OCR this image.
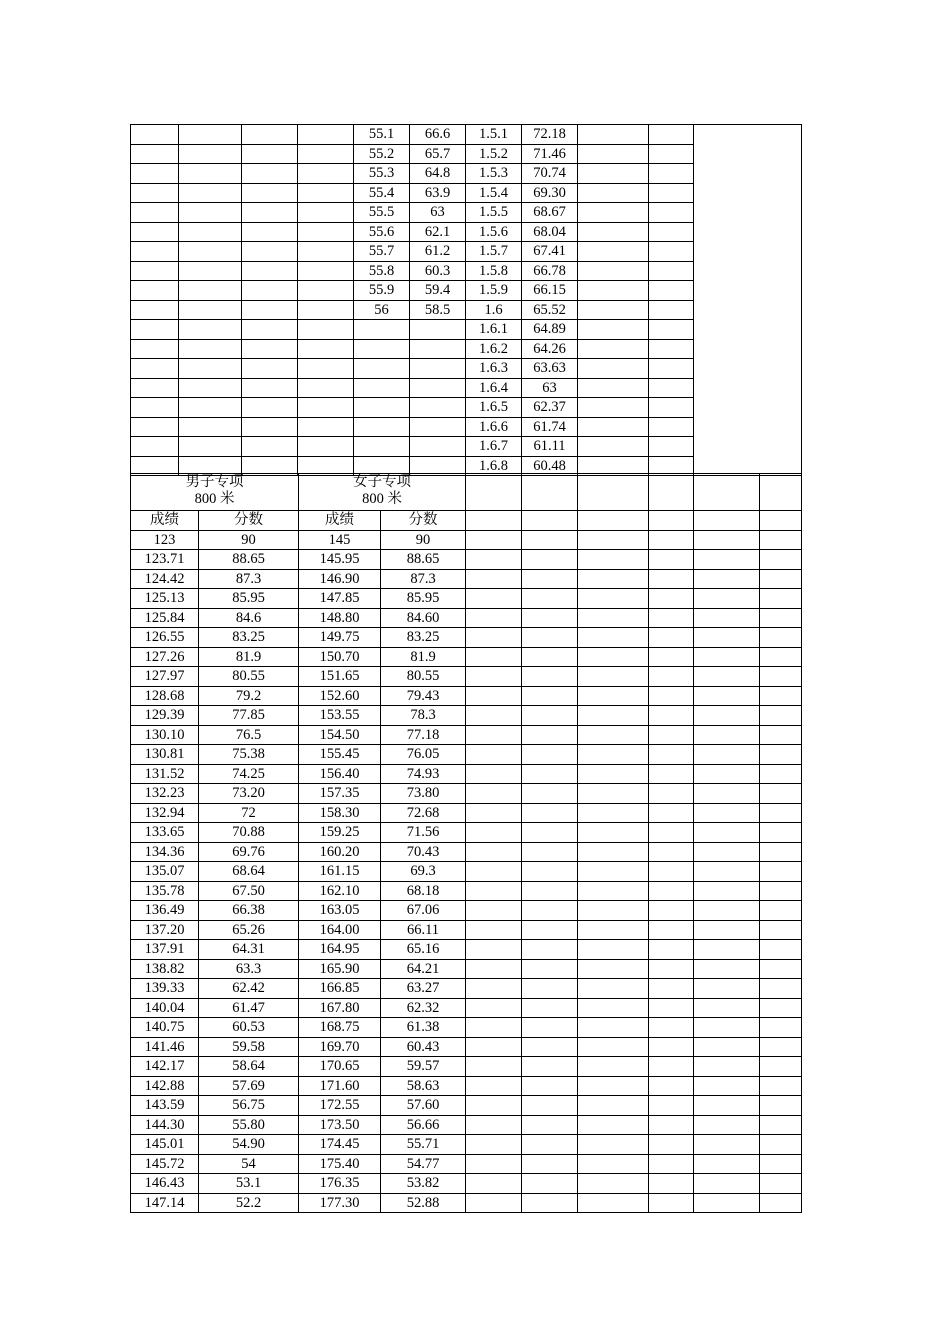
				55.1	66.6	1.5.1	72.18			
				55.2	65.7	1.5.2	71.46			
				55.3	64.8	1.5.3	70.74			
				55.4	63.9	1.5.4	69.30			
				55.5	63	1.5.5	68.67			
				55.6	62.1	1.5.6	68.04			
				55.7	61.2	1.5.7	67.41			
				55.8	60.3	1.5.8	66.78			
				55.9	59.4	1.5.9	66.15			
				56	58.5	1.6	65.52			
						1.6.1	64.89			
						1.6.2	64.26			
						1.6.3	63.63			
						1.6.4	63			
						1.6.5	62.37			
						1.6.6	61.74			
						1.6.7	61.11			
						1.6.8	60.48			
男子专项
800 米		女子专项
800 米							

成绩	分数	成绩	分数						
123	90	145	90						
123.71	88.65	145.95	88.65						
124.42	87.3	146.90	87.3						
125.13	85.95	147.85	85.95						
125.84	84.6	148.80	84.60						
126.55	83.25	149.75	83.25						
127.26	81.9	150.70	81.9						
127.97	80.55	151.65	80.55						
128.68	79.2	152.60	79.43						
129.39	77.85	153.55	78.3						
130.10	76.5	154.50	77.18						
130.81	75.38	155.45	76.05						
131.52	74.25	156.40	74.93						
132.23	73.20	157.35	73.80						
132.94	72	158.30	72.68						
133.65	70.88	159.25	71.56						
134.36	69.76	160.20	70.43						
135.07	68.64	161.15	69.3						
135.78	67.50	162.10	68.18						
136.49	66.38	163.05	67.06						
137.20	65.26	164.00	66.11						
137.91	64.31	164.95	65.16						
138.82	63.3	165.90	64.21						
139.33	62.42	166.85	63.27						
140.04	61.47	167.80	62.32						
140.75	60.53	168.75	61.38						
141.46	59.58	169.70	60.43						
142.17	58.64	170.65	59.57						
142.88	57.69	171.60	58.63						
143.59	56.75	172.55	57.60						
144.30	55.80	173.50	56.66						
145.01	54.90	174.45	55.71						
145.72	54	175.40	54.77						
146.43	53.1	176.35	53.82						
147.14	52.2	177.30	52.88						
